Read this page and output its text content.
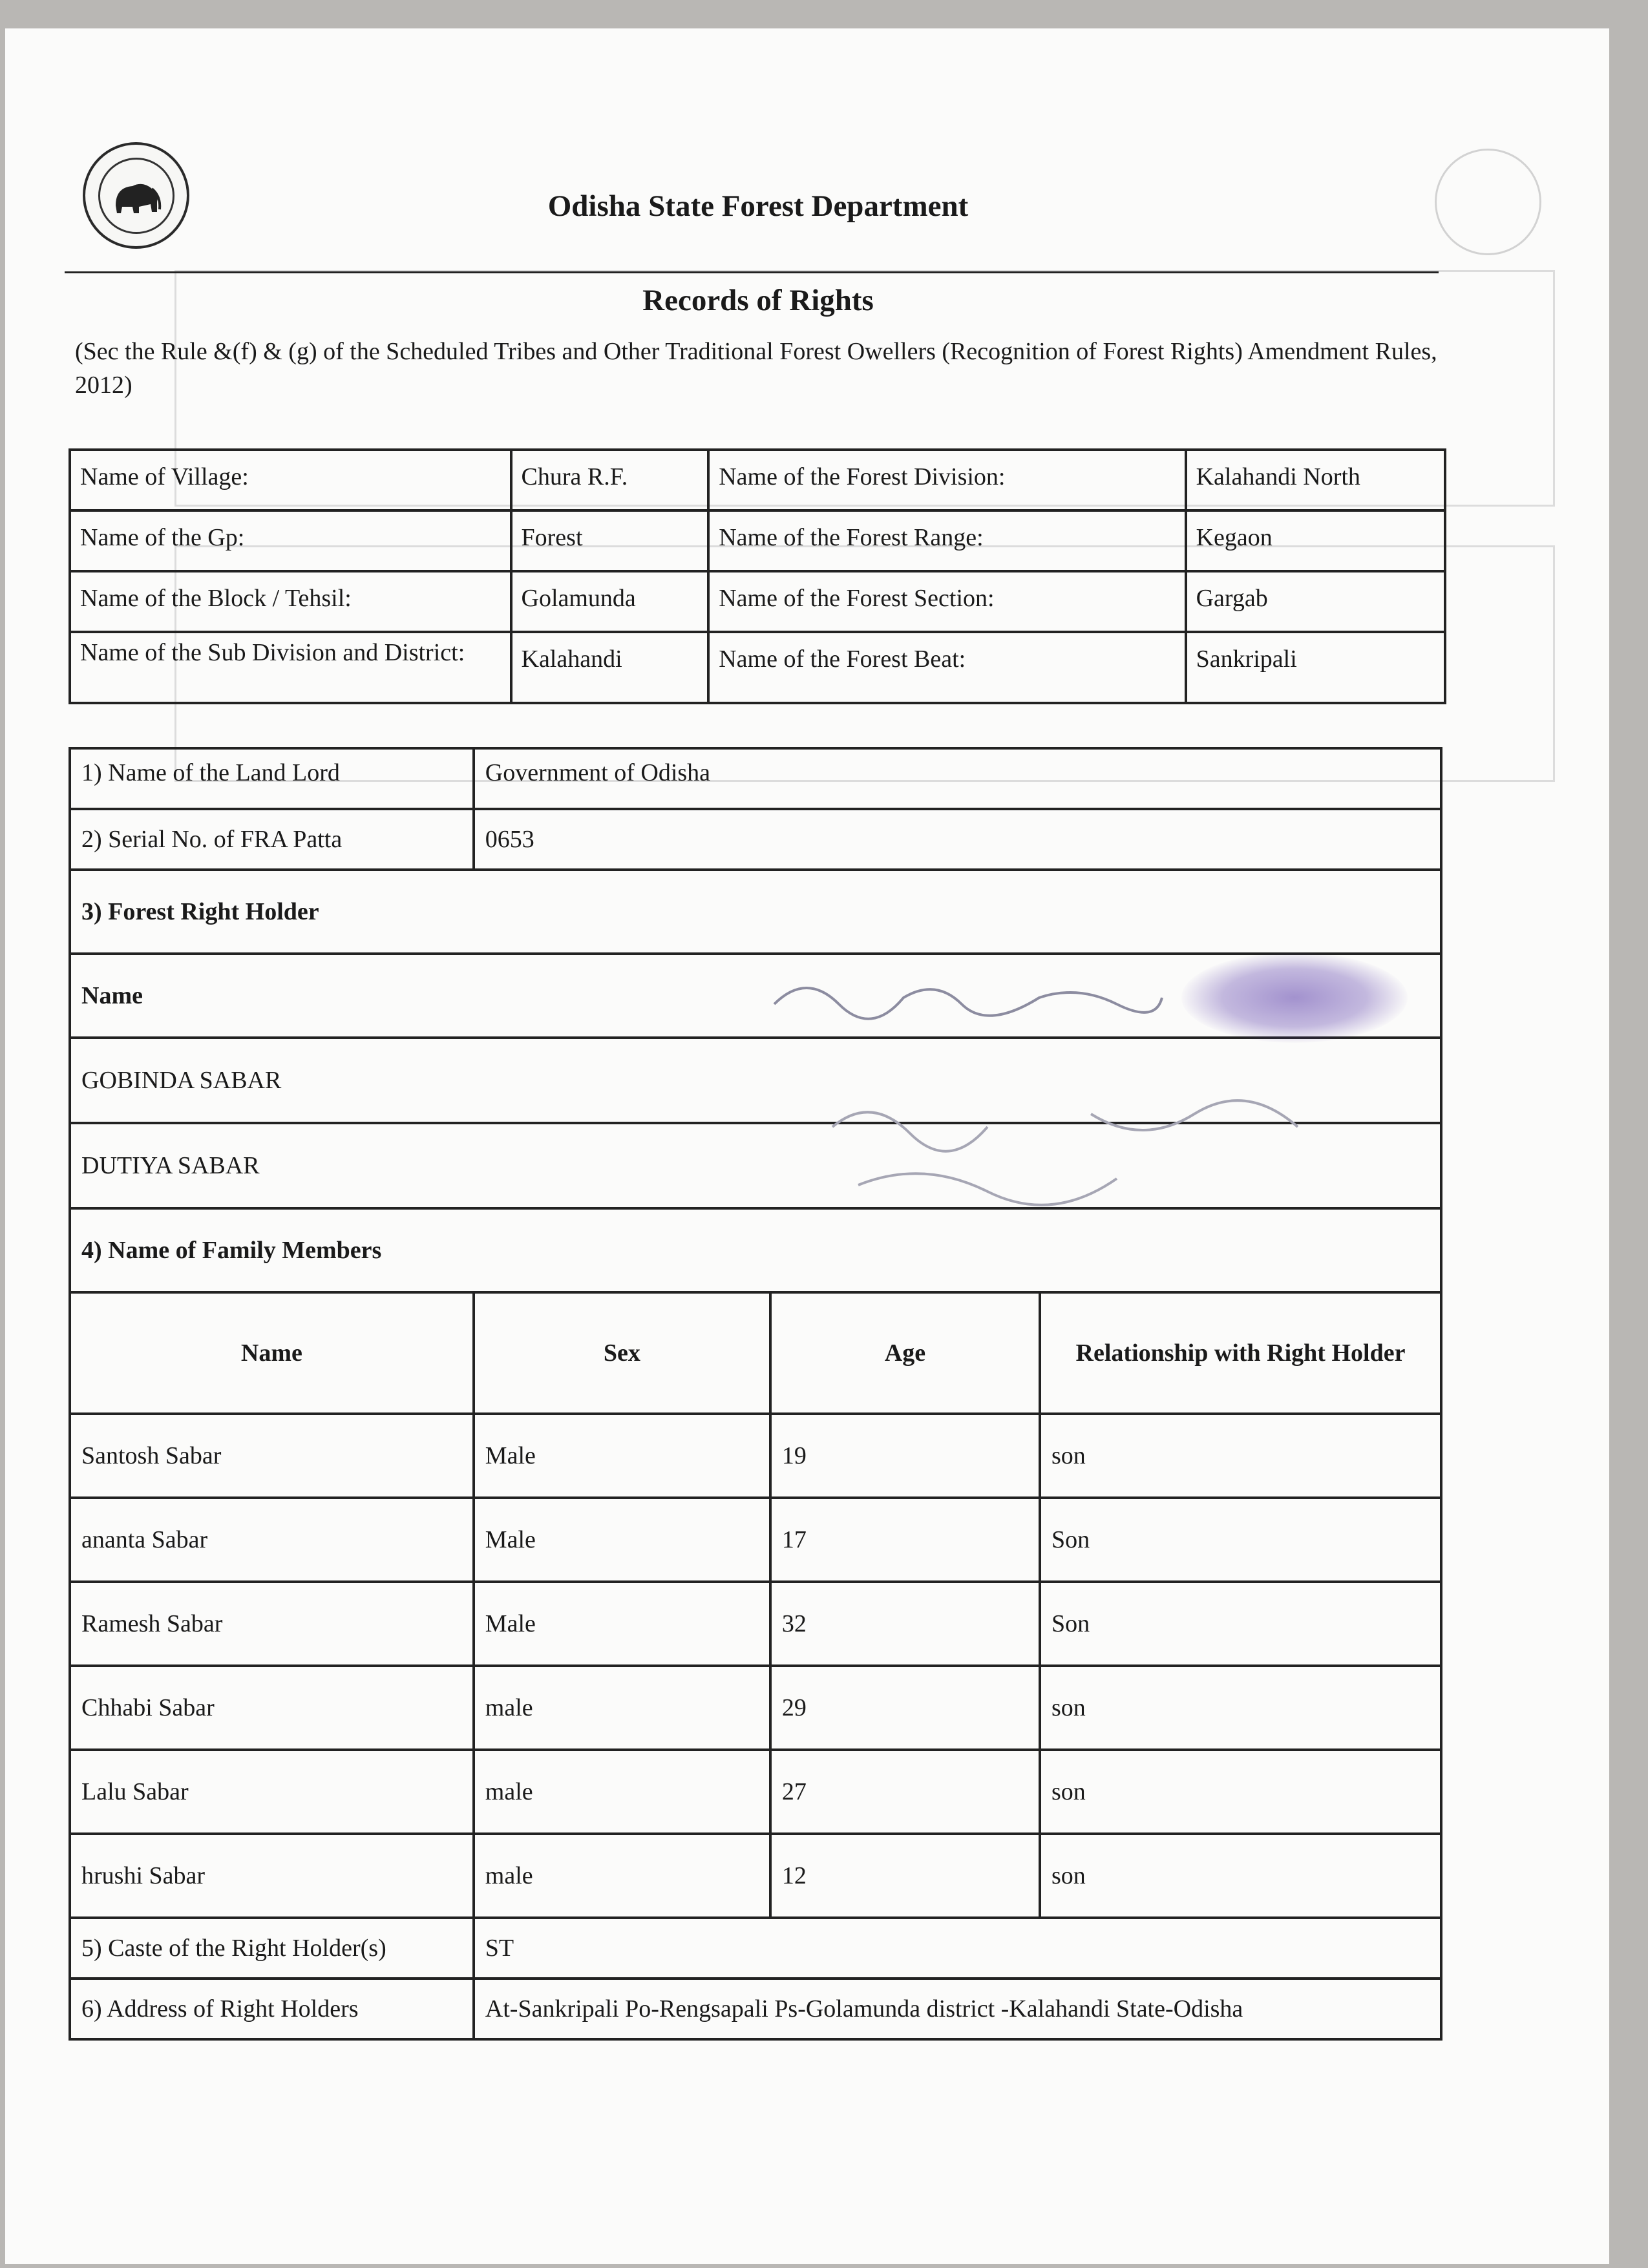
Odisha State Forest Department
Records of Rights
(Sec the Rule &(f) & (g) of the Scheduled Tribes and Other Traditional Forest Owellers (Recognition of Forest Rights) Amendment Rules, 2012)
Name of Village:	Chura R.F.	Name of the Forest Division:	Kalahandi North
Name of the Gp:	Forest	Name of the Forest Range:	Kegaon
Name of the Block / Tehsil:	Golamunda	Name of the Forest Section:	Gargab
Name of the Sub Division and District:	Kalahandi	Name of the Forest Beat:	Sankripali
1) Name of the Land Lord	Government of Odisha		
2) Serial No. of FRA Patta	0653		
3) Forest Right Holder			
Name			
GOBINDA SABAR			
DUTIYA SABAR			
4) Name of Family Members			
Name	Sex	Age	Relationship with Right Holder
Santosh Sabar	Male	19	son
ananta Sabar	Male	17	Son
Ramesh Sabar	Male	32	Son
Chhabi Sabar	male	29	son
Lalu Sabar	male	27	son
hrushi Sabar	male	12	son
5) Caste of the Right Holder(s)	ST		
6) Address of Right Holders	At-Sankripali Po-Rengsapali Ps-Golamunda district -Kalahandi State-Odisha		
